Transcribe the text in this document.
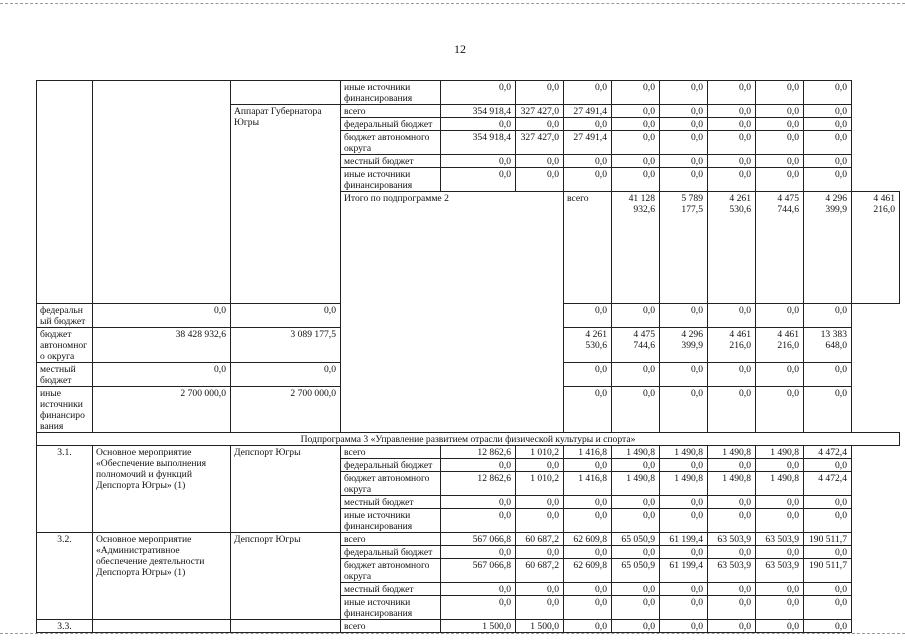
12
			иные источники финансирования	0,0	0,0	0,0	0,0	0,0	0,0	0,0	0,0		
		Аппарат Губернатора Югры	всего	354 918,4	327 427,0	27 491,4	0,0	0,0	0,0	0,0	0,0		
			федеральный бюджет	0,0	0,0	0,0	0,0	0,0	0,0	0,0	0,0		
			бюджет автономного округа	354 918,4	327 427,0	27 491,4	0,0	0,0	0,0	0,0	0,0		
			местный бюджет	0,0	0,0	0,0	0,0	0,0	0,0	0,0	0,0		
			иные источники финансирования	0,0	0,0	0,0	0,0	0,0	0,0	0,0	0,0		
			Итого по подпрограмме 2			всего	41 128 932,6	5 789 177,5	4 261 530,6	4 475 744,6	4 296 399,9	4 461 216,0		
федеральный бюджет	0,0	0,0				0,0	0,0	0,0	0,0	0,0	0,0		
бюджет автономного округа	38 428 932,6	3 089 177,5				4 261 530,6	4 475 744,6	4 296 399,9	4 461 216,0	4 461 216,0	13 383 648,0		
местный бюджет	0,0	0,0				0,0	0,0	0,0	0,0	0,0	0,0		
иные источники финансирования	2 700 000,0	2 700 000,0				0,0	0,0	0,0	0,0	0,0	0,0		
Подпрограмма 3 «Управление развитием отрасли физической культуры и спорта»													
3.1.	Основное мероприятие «Обеспечение выполнения полномочий и функций Депспорта Югры» (1)	Депспорт Югры	всего	12 862,6	1 010,2	1 416,8	1 490,8	1 490,8	1 490,8	1 490,8	4 472,4		
			федеральный бюджет	0,0	0,0	0,0	0,0	0,0	0,0	0,0	0,0		
			бюджет автономного округа	12 862,6	1 010,2	1 416,8	1 490,8	1 490,8	1 490,8	1 490,8	4 472,4		
			местный бюджет	0,0	0,0	0,0	0,0	0,0	0,0	0,0	0,0		
			иные источники финансирования	0,0	0,0	0,0	0,0	0,0	0,0	0,0	0,0		
3.2.	Основное мероприятие «Административное обеспечение деятельности Депспорта Югры» (1)	Депспорт Югры	всего	567 066,8	60 687,2	62 609,8	65 050,9	61 199,4	63 503,9	63 503,9	190 511,7		
			федеральный бюджет	0,0	0,0	0,0	0,0	0,0	0,0	0,0	0,0		
			бюджет автономного округа	567 066,8	60 687,2	62 609,8	65 050,9	61 199,4	63 503,9	63 503,9	190 511,7		
			местный бюджет	0,0	0,0	0,0	0,0	0,0	0,0	0,0	0,0		
			иные источники финансирования	0,0	0,0	0,0	0,0	0,0	0,0	0,0	0,0		
3.3.			всего	1 500,0	1 500,0	0,0	0,0	0,0	0,0	0,0	0,0		
